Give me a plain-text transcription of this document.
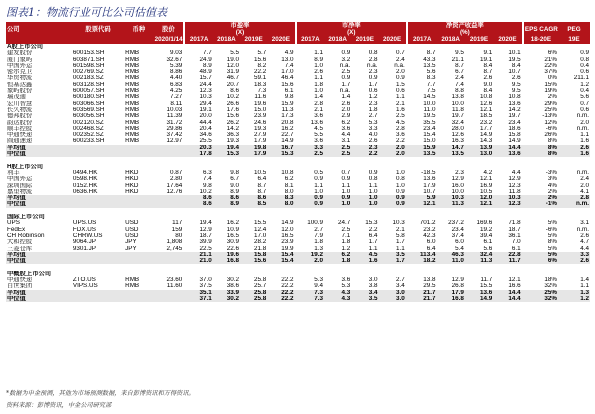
图表1：物流行业可比公司估值表
公司	股票代码	币种	股价		市盈率
(X)					市净率
(X)					净资产收益率
(%)					EPS CAGR	PEG
			2020/1/14		2017A	2018A	2019E	2020E		2017A	2018A	2019E	2020E		2017A	2018A	2019E	2020E		18-20E	19E
A股上市公司																					
建发股份	600153.SH	RMB	9.03		7.7	5.5	5.7	4.9		1.1	0.9	0.8	0.7		8.7	9.5	9.1	10.1		6%	0.9
厦门象屿	603871.SH	RMB	32.67		24.9	19.0	15.6	13.0		8.9	3.2	2.8	2.4		43.3	21.1	19.1	19.5		21%	0.8
中国外运	601598.SH	RMB	5.39		8.9	12.0	8.2	7.4		1.0	n.a.	n.a.	n.a.		13.5	8.7	8.4	8.4		22%	0.4
密尔克卫	002769.SZ	RMB	8.86		48.9	31.9	22.2	17.0		2.6	2.5	2.3	2.0		5.6	6.7	8.7	10.7		37%	0.6
华贸物流	002183.SZ	RMB	4.40		15.7	46.7	59.1	46.4		1.1	0.9	0.9	0.9		8.3	2.4	2.6	2.6		0%	211.1
恒基达鑫	603128.SH	RMB	6.83		24.4	20.7	18.3	15.6		1.8	1.7	1.7	1.5		7.7	7.4	9.0	9.5		15%	1.2
象屿股份	600057.SH	RMB	4.25		12.3	8.6	7.3	6.1		1.0	n.a.	0.6	0.6		7.5	8.8	8.4	9.5		19%	0.4
瑞茂通	600180.SH	RMB	7.27		10.3	10.2	11.6	9.8		1.4	1.4	1.2	1.1		14.5	13.8	10.8	10.8		2%	5.6
宏川智慧	603066.SH	RMB	8.11		29.4	26.6	19.6	15.9		2.8	2.6	2.3	2.1		10.0	10.0	12.6	13.6		29%	0.7
长久物流	603569.SH	RMB	10.03		19.1	17.6	15.0	11.3		2.1	2.0	1.8	1.6		11.0	11.8	12.1	14.2		25%	0.6
德邦股份	603056.SH	RMB	11.39		20.0	15.6	23.9	17.3		3.6	2.9	2.7	2.5		19.5	19.7	18.5	19.7		-13%	n.m.
韵达股份	002120.SZ	RMB	31.72		44.4	26.2	24.6	20.8		13.6	6.2	5.3	4.5		35.5	32.4	23.2	23.4		12%	2.0
顺丰控股	002468.SZ	RMB	29.86		20.4	14.2	19.3	16.2		4.5	3.6	3.3	2.8		23.4	28.0	17.7	18.6		-6%	n.m.
中通快递	002352.SZ	RMB	37.42		34.6	36.3	27.9	22.7		5.5	4.4	4.0	3.6		15.4	12.6	14.9	15.8		26%	1.1
圆通速递	600233.SH	RMB	12.97		25.5	19.3	17.9	14.9		3.6	3.1	2.6	2.2		15.0	16.3	14.3	14.9		8%	1.6
平均值					20.3	19.4	19.8	16.7		3.3	2.5	2.3	2.0		15.9	14.7	13.9	14.4		8%	2.6
中位值					17.8	15.3	17.9	15.3		2.5	2.5	2.2	2.0		13.5	13.5	13.0	13.6		8%	1.6

H股上市公司																					
利丰	0494.HK	HKD	0.87		6.3	9.8	10.5	10.8		0.5	0.7	0.9	1.0		-18.5	2.3	4.2	4.4		-3%	n.m.
中国外运	0598.HK	HKD	2.80		7.4	6.7	6.4	6.2		0.9	0.9	0.8	0.8		13.6	12.9	12.1	12.9		3%	2.4
深圳国际	0152.HK	HKD	17.64		9.8	9.0	8.7	8.1		1.1	1.1	1.1	1.0		17.9	16.0	16.9	12.3		4%	2.0
嘉里物流	0636.HK	HKD	12.76		10.2	8.9	8.7	8.0		1.0	1.0	1.0	0.9		10.7	10.0	10.5	11.8		2%	4.1
平均值					8.6	8.6	8.6	8.3		0.9	0.9	1.0	0.9		5.9	10.3	12.0	10.3		2%	2.8
中位值					8.6	8.9	8.5	8.0		0.9	1.0	1.0	0.9		12.1	11.3	12.1	12.3		-1%	n.m.

国际上市公司																					
UPS	UPS.US	USD	117		19.4	16.2	15.5	14.9		100.9	24.7	15.3	10.3		701.2	237.2	169.6	71.8		5%	3.1
FedEx	FDX.US	USD	159		12.9	10.9	12.4	12.0		2.7	2.5	2.2	2.1		23.2	23.4	19.2	18.7		-6%	n.m.
CH Robinson	CHRW.US	USD	80		18.7	16.5	17.0	16.5		7.9	7.1	6.4	5.8		42.3	37.4	39.4	36.1		5%	2.6
大和控股	9064.JP	JPY	1,808		39.9	30.9	28.2	23.9		1.8	1.8	1.7	1.7		6.0	6.0	6.1	7.0		8%	4.7
三菱仓库	9301.JP	JPY	2,745		22.5	22.6	21.8	19.9		1.3	1.2	1.1	1.1		6.4	5.4	5.6	6.1		5%	4.4
平均值					21.1	19.6	15.8	15.4		19.2	6.2	4.5	3.5		113.4	46.3	32.4	22.8		5%	3.3
中位值					21.0	16.8	15.6	15.4		2.0	1.8	1.6	1.7		18.2	11.0	11.3	11.7		6%	2.6

中概股上市公司																					
中通快递	ZTO.US	RMB	23.60		37.0	30.2	25.8	22.2		5.3	3.6	3.0	2.7		13.8	12.9	11.7	12.1		18%	1.4
百世集团	VIPS.US	RMB	11.60		37.5	38.6	25.7	22.2		9.4	5.3	3.8	3.4		29.5	26.8	15.5	16.6		32%	1.1
平均值					35.1	33.9	25.8	22.2		7.3	4.3	3.4	3.0		21.7	17.9	13.6	14.4		25%	1.3
中位值					37.1	30.2	25.8	22.2		7.3	4.3	3.5	3.0		21.7	16.8	14.9	14.4		32%	1.2
*数据为申金预测，其他为市场预测数据，来自彭博资讯和万得资讯。
资料来源：彭博资讯，中金公司研究部
